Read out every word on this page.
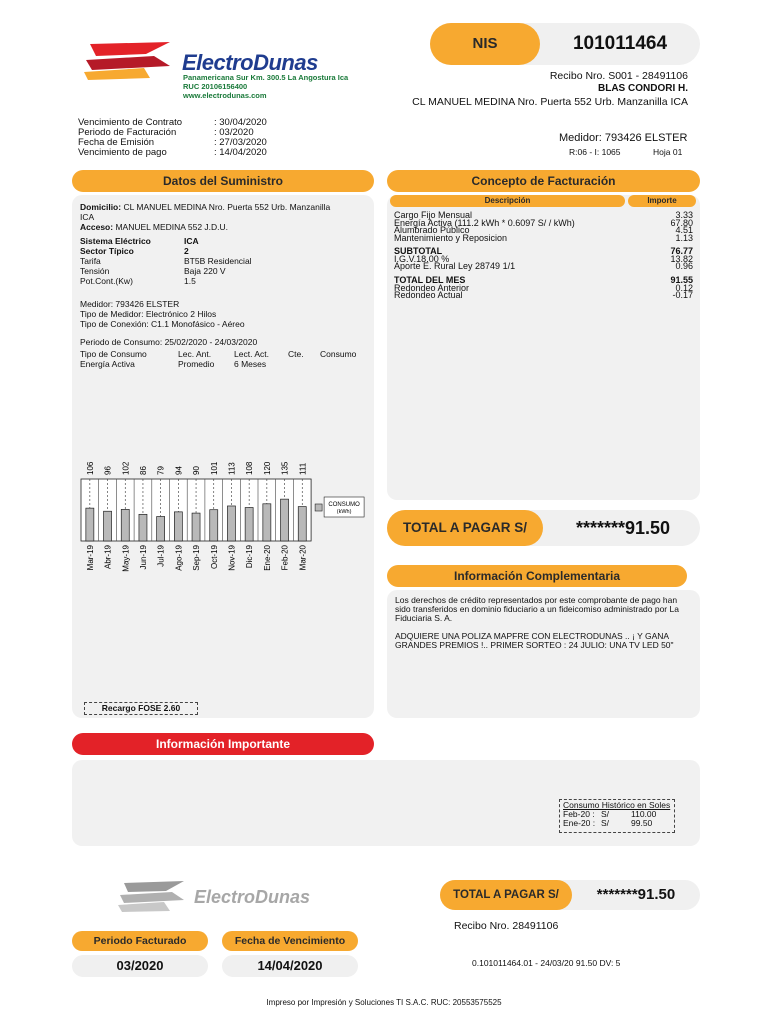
ElectroDunas
Panamericana Sur Km. 300.5 La Angostura Ica
RUC 20106156400
www.electrodunas.com
NIS	101011464
Recibo Nro. S001 - 28491106
BLAS CONDORI H.
CL MANUEL MEDINA Nro. Puerta 552 Urb. Manzanilla ICA
Vencimiento de Contrato	: 30/04/2020
Periodo de Facturación	: 03/2020
Fecha de Emisión	: 27/03/2020
Vencimiento de pago	: 14/04/2020
Medidor: 793426 ELSTER
R:06 - I: 1065	Hoja 01
Datos del Suministro
Domicilio: CL MANUEL MEDINA Nro. Puerta 552 Urb. Manzanilla
ICA
Acceso: MANUEL MEDINA 552 J.D.U.
Sistema Eléctrico	ICA
Sector Típico	2
Tarifa	BT5B Residencial
Tensión	Baja 220 V
Pot.Cont.(Kw)	1.5
Medidor: 793426 ELSTER
Tipo de Medidor: Electrónico 2 Hilos
Tipo de Conexión: C1.1 Monofásico - Aéreo
Periodo de Consumo: 25/02/2020 - 24/03/2020
Tipo de Consumo	Lec. Ant.	Lect. Act.	Cte.	Consumo
Energía Activa	Promedio	6 Meses
106
Mar-19
96
Abr-19
102
May-19
86
Jun-19
79
Jul-19
94
Ago-19
90
Sep-19
101
Oct-19
113
Nov-19
108
Dic-19
120
Ene-20
135
Feb-20
111
Mar-20
CONSUMO
(kWh)
Recargo FOSE 2.60
Concepto de Facturación
Descripción	Importe
Cargo Fijo Mensual	3.33
Energía Activa (111.2 kWh * 0.6097 S/ / kWh)	67.80
Alumbrado Público	4.51
Mantenimiento y Reposicion	1.13
SUBTOTAL	76.77
I.G.V.18.00 %	13.82
Aporte E. Rural Ley 28749 1/1	0.96
TOTAL DEL MES	91.55
Redondeo Anterior	0.12
Redondeo Actual	-0.17
TOTAL A PAGAR S/	*******91.50
Información Complementaria

Los derechos de crédito representados por este comprobante de pago han sido transferidos en dominio fiduciario a un fideicomiso administrado por La Fiduciaria S. A.

ADQUIERE UNA POLIZA MAPFRE CON ELECTRODUNAS .. ¡ Y GANA GRANDES PREMIOS !.. PRIMER SORTEO : 24 JULIO: UNA TV LED 50"

Información Importante
Consumo Histórico en Soles
Feb-20 : S/	110.00
Ene-20 : S/	99.50
ElectroDunas	TOTAL A PAGAR S/	*******91.50
Recibo Nro. 28491106
Periodo Facturado
03/2020
Fecha de Vencimiento
14/04/2020	0.101011464.01 - 24/03/20 91.50 DV: 5
Impreso por Impresión y Soluciones TI S.A.C. RUC: 20553575525
